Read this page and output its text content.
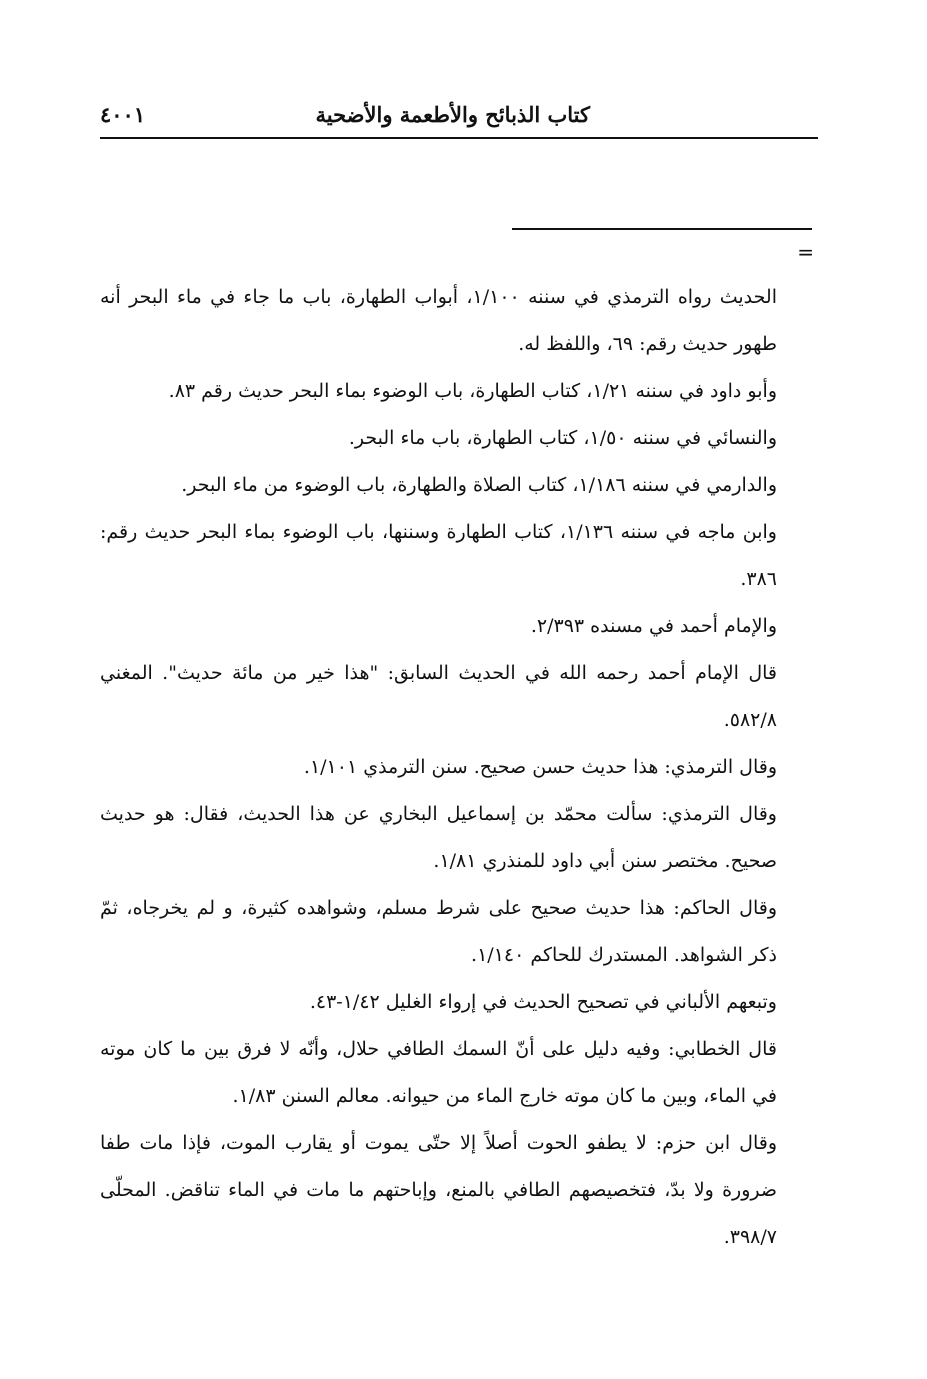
كتاب الذبائح والأطعمة والأضحية
٤٠٠١
=
الحديث رواه الترمذي في سننه ١/١٠٠، أبواب الطهارة، باب ما جاء في ماء البحر أنه طهور حديث رقم: ٦٩، واللفظ له.
وأبو داود في سننه ١/٢١، كتاب الطهارة، باب الوضوء بماء البحر حديث رقم ٨٣.
والنسائي في سننه ١/٥٠، كتاب الطهارة، باب ماء البحر.
والدارمي في سننه ١/١٨٦، كتاب الصلاة والطهارة، باب الوضوء من ماء البحر.
وابن ماجه في سننه ١/١٣٦، كتاب الطهارة وسننها، باب الوضوء بماء البحر حديث رقم: ٣٨٦.
والإمام أحمد في مسنده ٢/٣٩٣.
قال الإمام أحمد رحمه الله في الحديث السابق: "هذا خير من مائة حديث". المغني ٥٨٢/٨.
وقال الترمذي: هذا حديث حسن صحيح. سنن الترمذي ١/١٠١.
وقال الترمذي: سألت محمّد بن إسماعيل البخاري عن هذا الحديث، فقال: هو حديث صحيح. مختصر سنن أبي داود للمنذري ١/٨١.
وقال الحاكم: هذا حديث صحيح على شرط مسلم، وشواهده كثيرة، و لم يخرجاه، ثمّ ذكر الشواهد. المستدرك للحاكم ١/١٤٠.
وتبعهم الألباني في تصحيح الحديث في إرواء الغليل ١/٤٢-٤٣.
قال الخطابي: وفيه دليل على أنّ السمك الطافي حلال، وأنّه لا فرق بين ما كان موته في الماء، وبين ما كان موته خارج الماء من حيوانه. معالم السنن ١/٨٣.
وقال ابن حزم: لا يطفو الحوت أصلاً إلا حتّى يموت أو يقارب الموت، فإذا مات طفا ضرورة ولا بدّ، فتخصيصهم الطافي بالمنع، وإباحتهم ما مات في الماء تناقض. المحلّى ٣٩٨/٧.
